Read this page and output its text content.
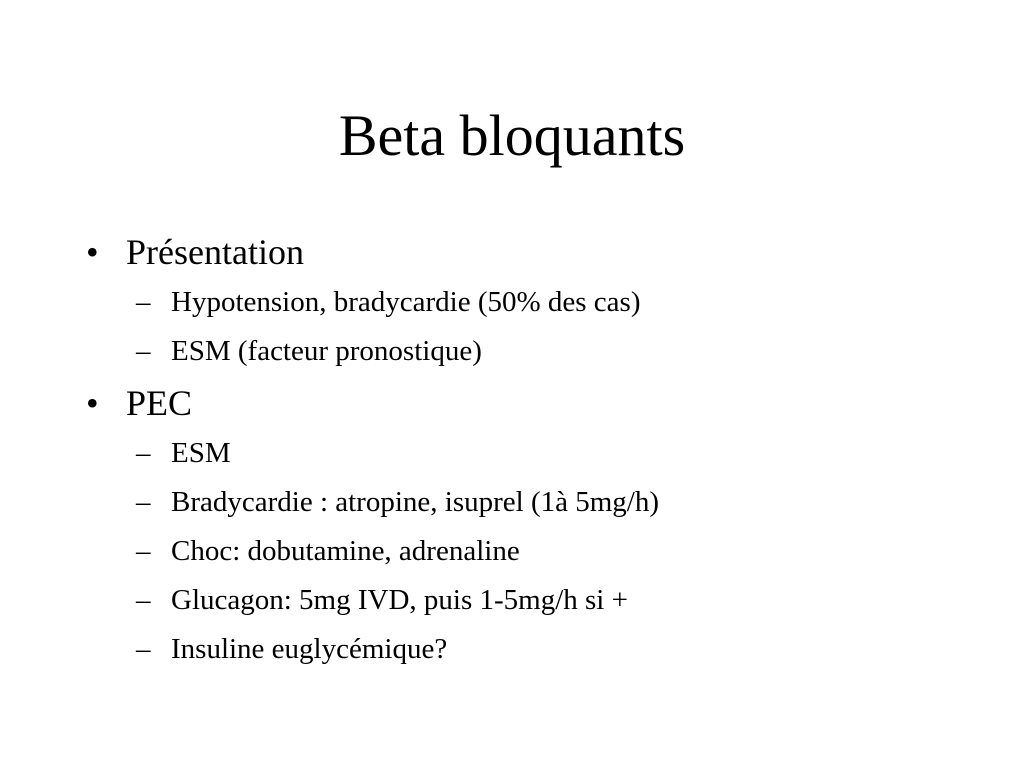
Beta bloquants

• Présentation

– Hypotension, bradycardie (50% des cas)

– ESM (facteur pronostique)

• PEC

– ESM

– Bradycardie : atropine, isuprel (1à 5mg/h)

– Choc: dobutamine, adrenaline

– Glucagon: 5mg IVD, puis 1-5mg/h si +

– Insuline euglycémique?
